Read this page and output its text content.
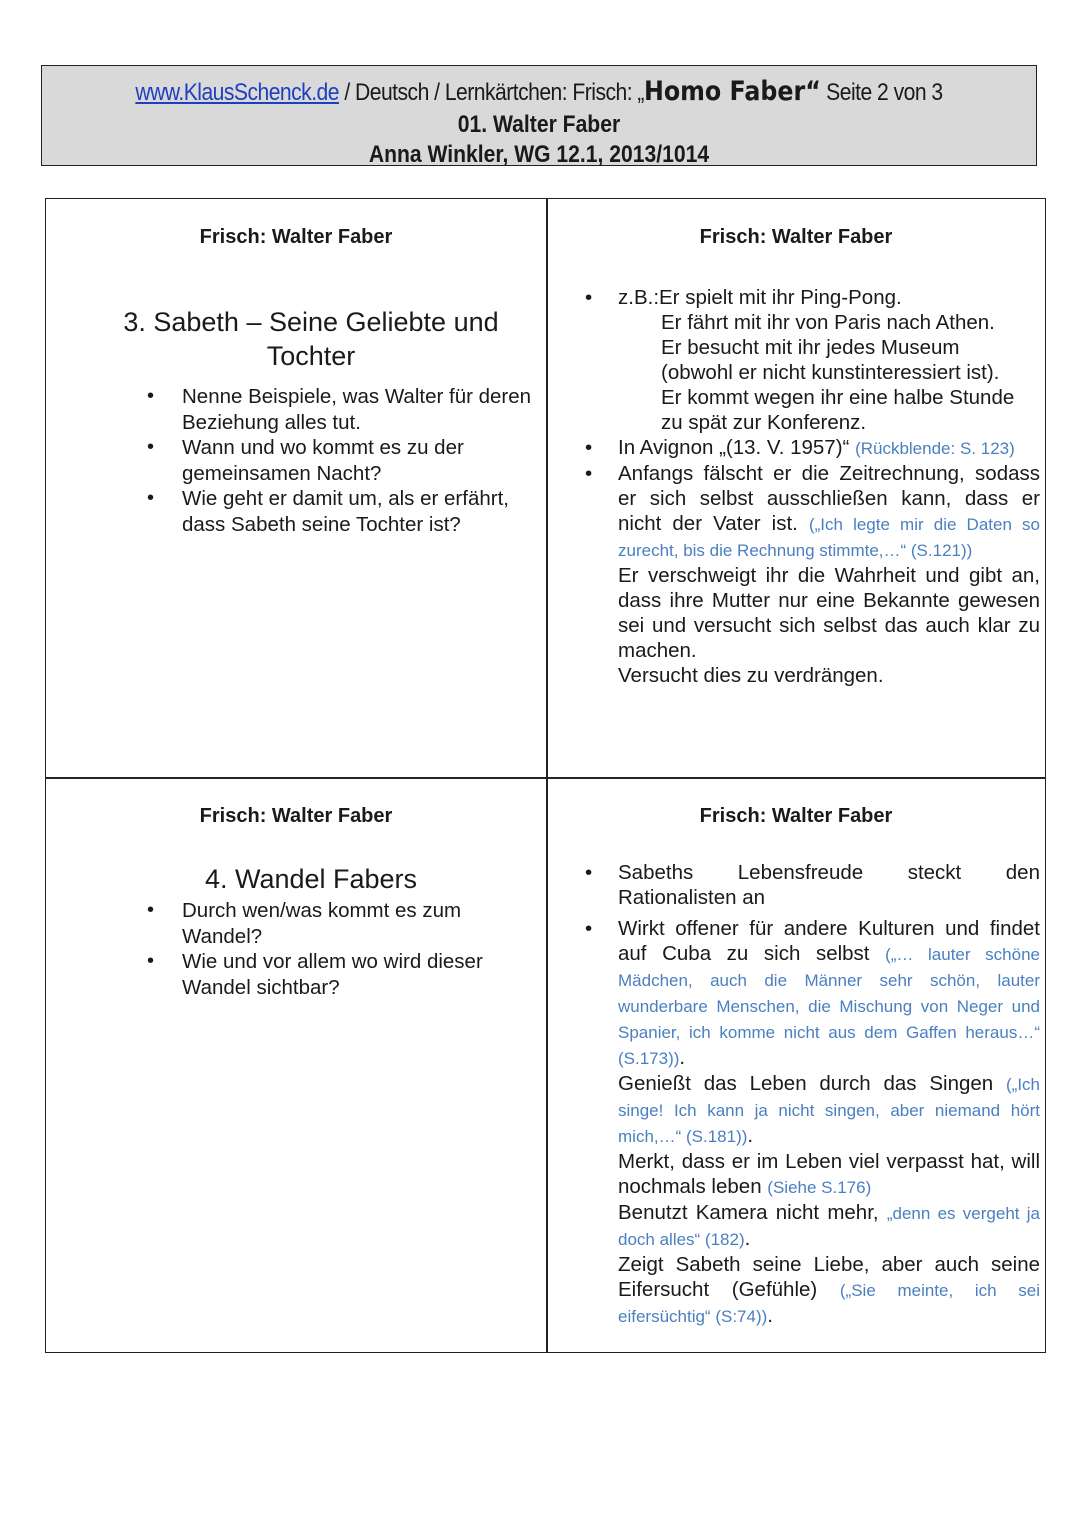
www.KlausSchenck.de / Deutsch / Lernkärtchen: Frisch: „Homo Faber“ Seite 2 von 3
01. Walter Faber
Anna Winkler, WG 12.1, 2013/1014
Frisch: Walter Faber
3. Sabeth – Seine Geliebte und
Tochter
• Nenne Beispiele, was Walter für deren Beziehung alles tut.
• Wann und wo kommt es zu der gemeinsamen Nacht?
• Wie geht er damit um, als er erfährt, dass Sabeth seine Tochter ist?
Frisch: Walter Faber
• z.B.:Er spielt mit ihr Ping-Pong.
Er fährt mit ihr von Paris nach Athen.
Er besucht mit ihr jedes Museum
(obwohl er nicht kunstinteressiert ist).
Er kommt wegen ihr eine halbe Stunde
zu spät zur Konferenz.
• In Avignon „(13. V. 1957)“ (Rückblende: S. 123)
• Anfangs fälscht er die Zeitrechnung, sodass er sich selbst ausschließen kann, dass er nicht der Vater ist. („Ich legte mir die Daten so zurecht, bis die Rechnung stimmte,…“ (S.121))
Er verschweigt ihr die Wahrheit und gibt an, dass ihre Mutter nur eine Bekannte gewesen sei und versucht sich selbst das auch klar zu machen.
Versucht dies zu verdrängen.
Frisch: Walter Faber
4. Wandel Fabers
• Durch wen/was kommt es zum Wandel?
• Wie und vor allem wo wird dieser Wandel sichtbar?
Frisch: Walter Faber
• Sabeths Lebensfreude steckt den Rationalisten an
• Wirkt offener für andere Kulturen und findet auf Cuba zu sich selbst („… lauter schöne Mädchen, auch die Männer sehr schön, lauter wunderbare Menschen, die Mischung von Neger und Spanier, ich komme nicht aus dem Gaffen heraus…“ (S.173)).
Genießt das Leben durch das Singen („Ich singe! Ich kann ja nicht singen, aber niemand hört mich,…“ (S.181)).
Merkt, dass er im Leben viel verpasst hat, will nochmals leben (Siehe S.176)
Benutzt Kamera nicht mehr, „denn es vergeht ja doch alles“ (182).
Zeigt Sabeth seine Liebe, aber auch seine Eifersucht (Gefühle) („Sie meinte, ich sei eifersüchtig“ (S:74)).
